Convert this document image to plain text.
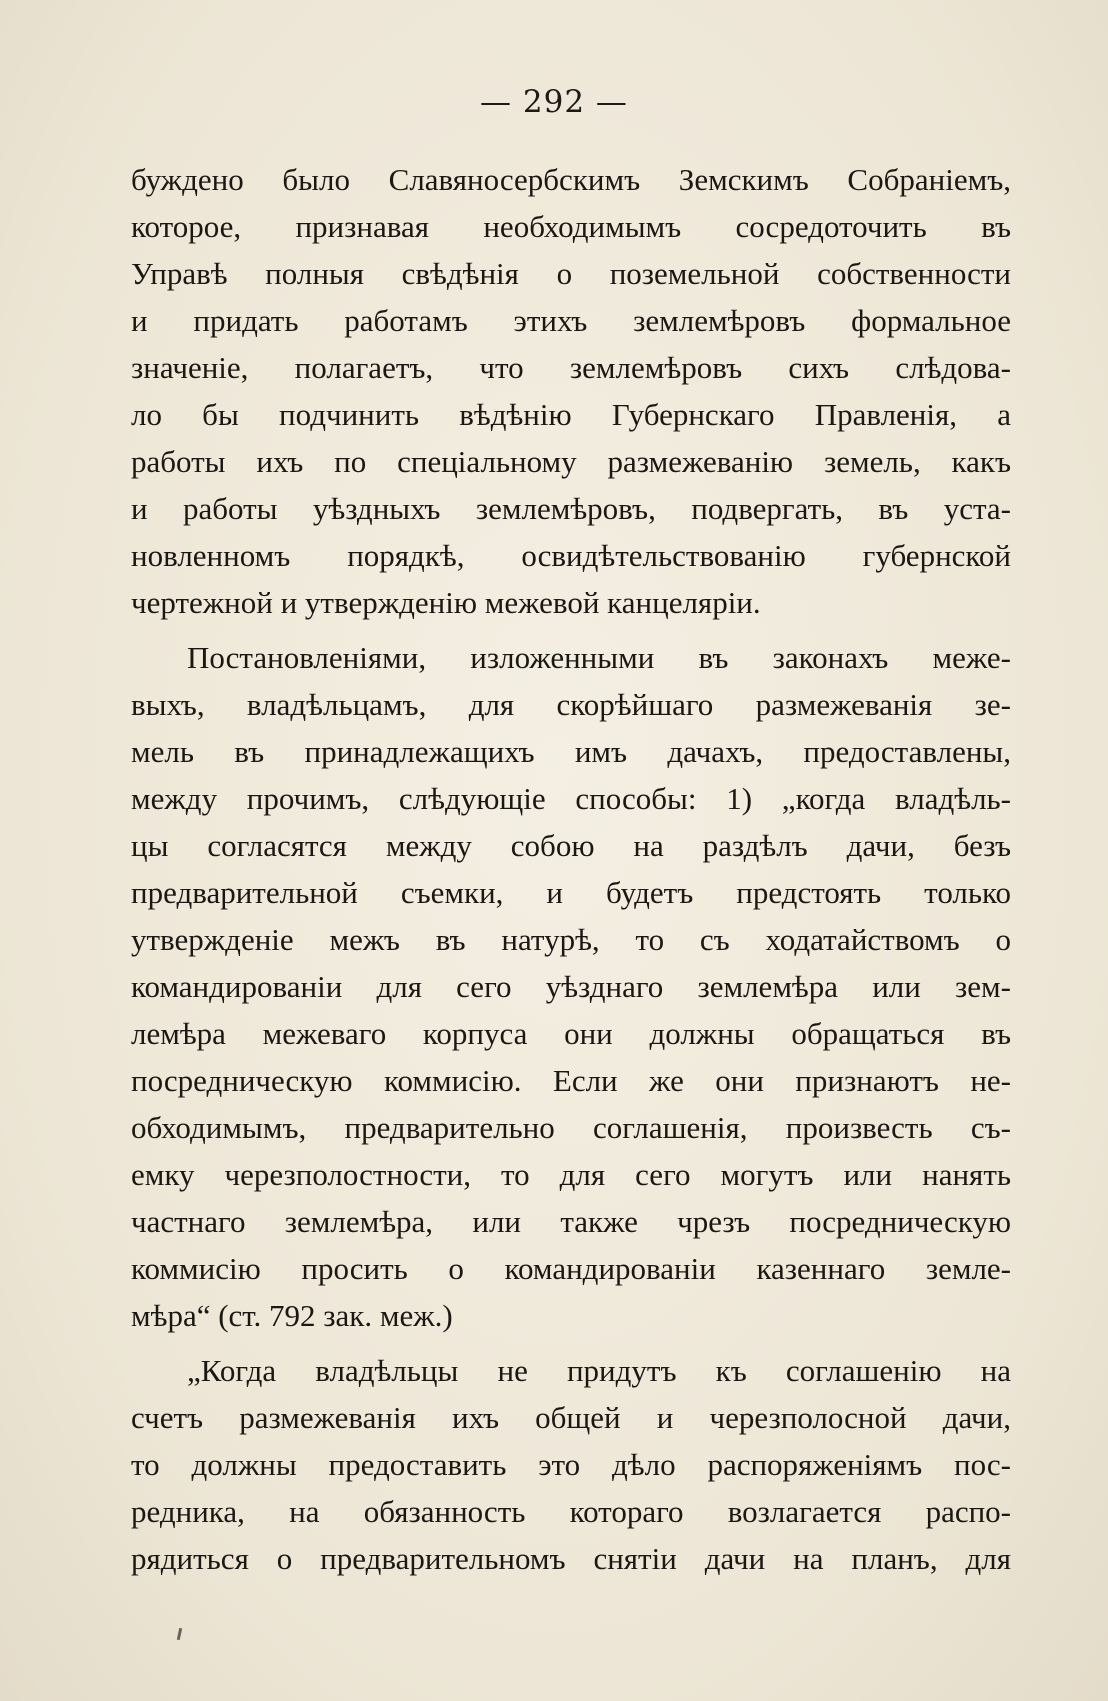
— 292 —
буждено было Славяносербскимъ Земскимъ Собраніемъ,
которое, признавая необходимымъ сосредоточить въ
Управѣ полныя свѣдѣнія о поземельной собственности
и придать работамъ этихъ землемѣровъ формальное
значеніе, полагаетъ, что землемѣровъ сихъ слѣдова-
ло бы подчинить вѣдѣнію Губернскаго Правленія, а
работы ихъ по спеціальному размежеванію земель, какъ
и работы уѣздныхъ землемѣровъ, подвергать, въ уста-
новленномъ порядкѣ, освидѣтельствованію губернской
чертежной и утвержденію межевой канцеляріи.
Постановленіями, изложенными въ законахъ меже-
выхъ, владѣльцамъ, для скорѣйшаго размежеванія зе-
мель въ принадлежащихъ имъ дачахъ, предоставлены,
между прочимъ, слѣдующіе способы: 1) „когда владѣль-
цы согласятся между собою на раздѣлъ дачи, безъ
предварительной съемки, и будетъ предстоять только
утвержденіе межъ въ натурѣ, то съ ходатайствомъ о
командированіи для сего уѣзднаго землемѣра или зем-
лемѣра межеваго корпуса они должны обращаться въ
посредническую коммисію. Если же они признаютъ не-
обходимымъ, предварительно соглашенія, произвесть съ-
емку черезполостности, то для сего могутъ или нанять
частнаго землемѣра, или также чрезъ посредническую
коммисію просить о командированіи казеннаго земле-
мѣра“ (ст. 792 зак. меж.)
„Когда владѣльцы не придутъ къ соглашенію на
счетъ размежеванія ихъ общей и черезполосной дачи,
то должны предоставить это дѣло распоряженіямъ пос-
редника, на обязанность котораго возлагается распо-
рядиться о предварительномъ снятіи дачи на планъ, для
